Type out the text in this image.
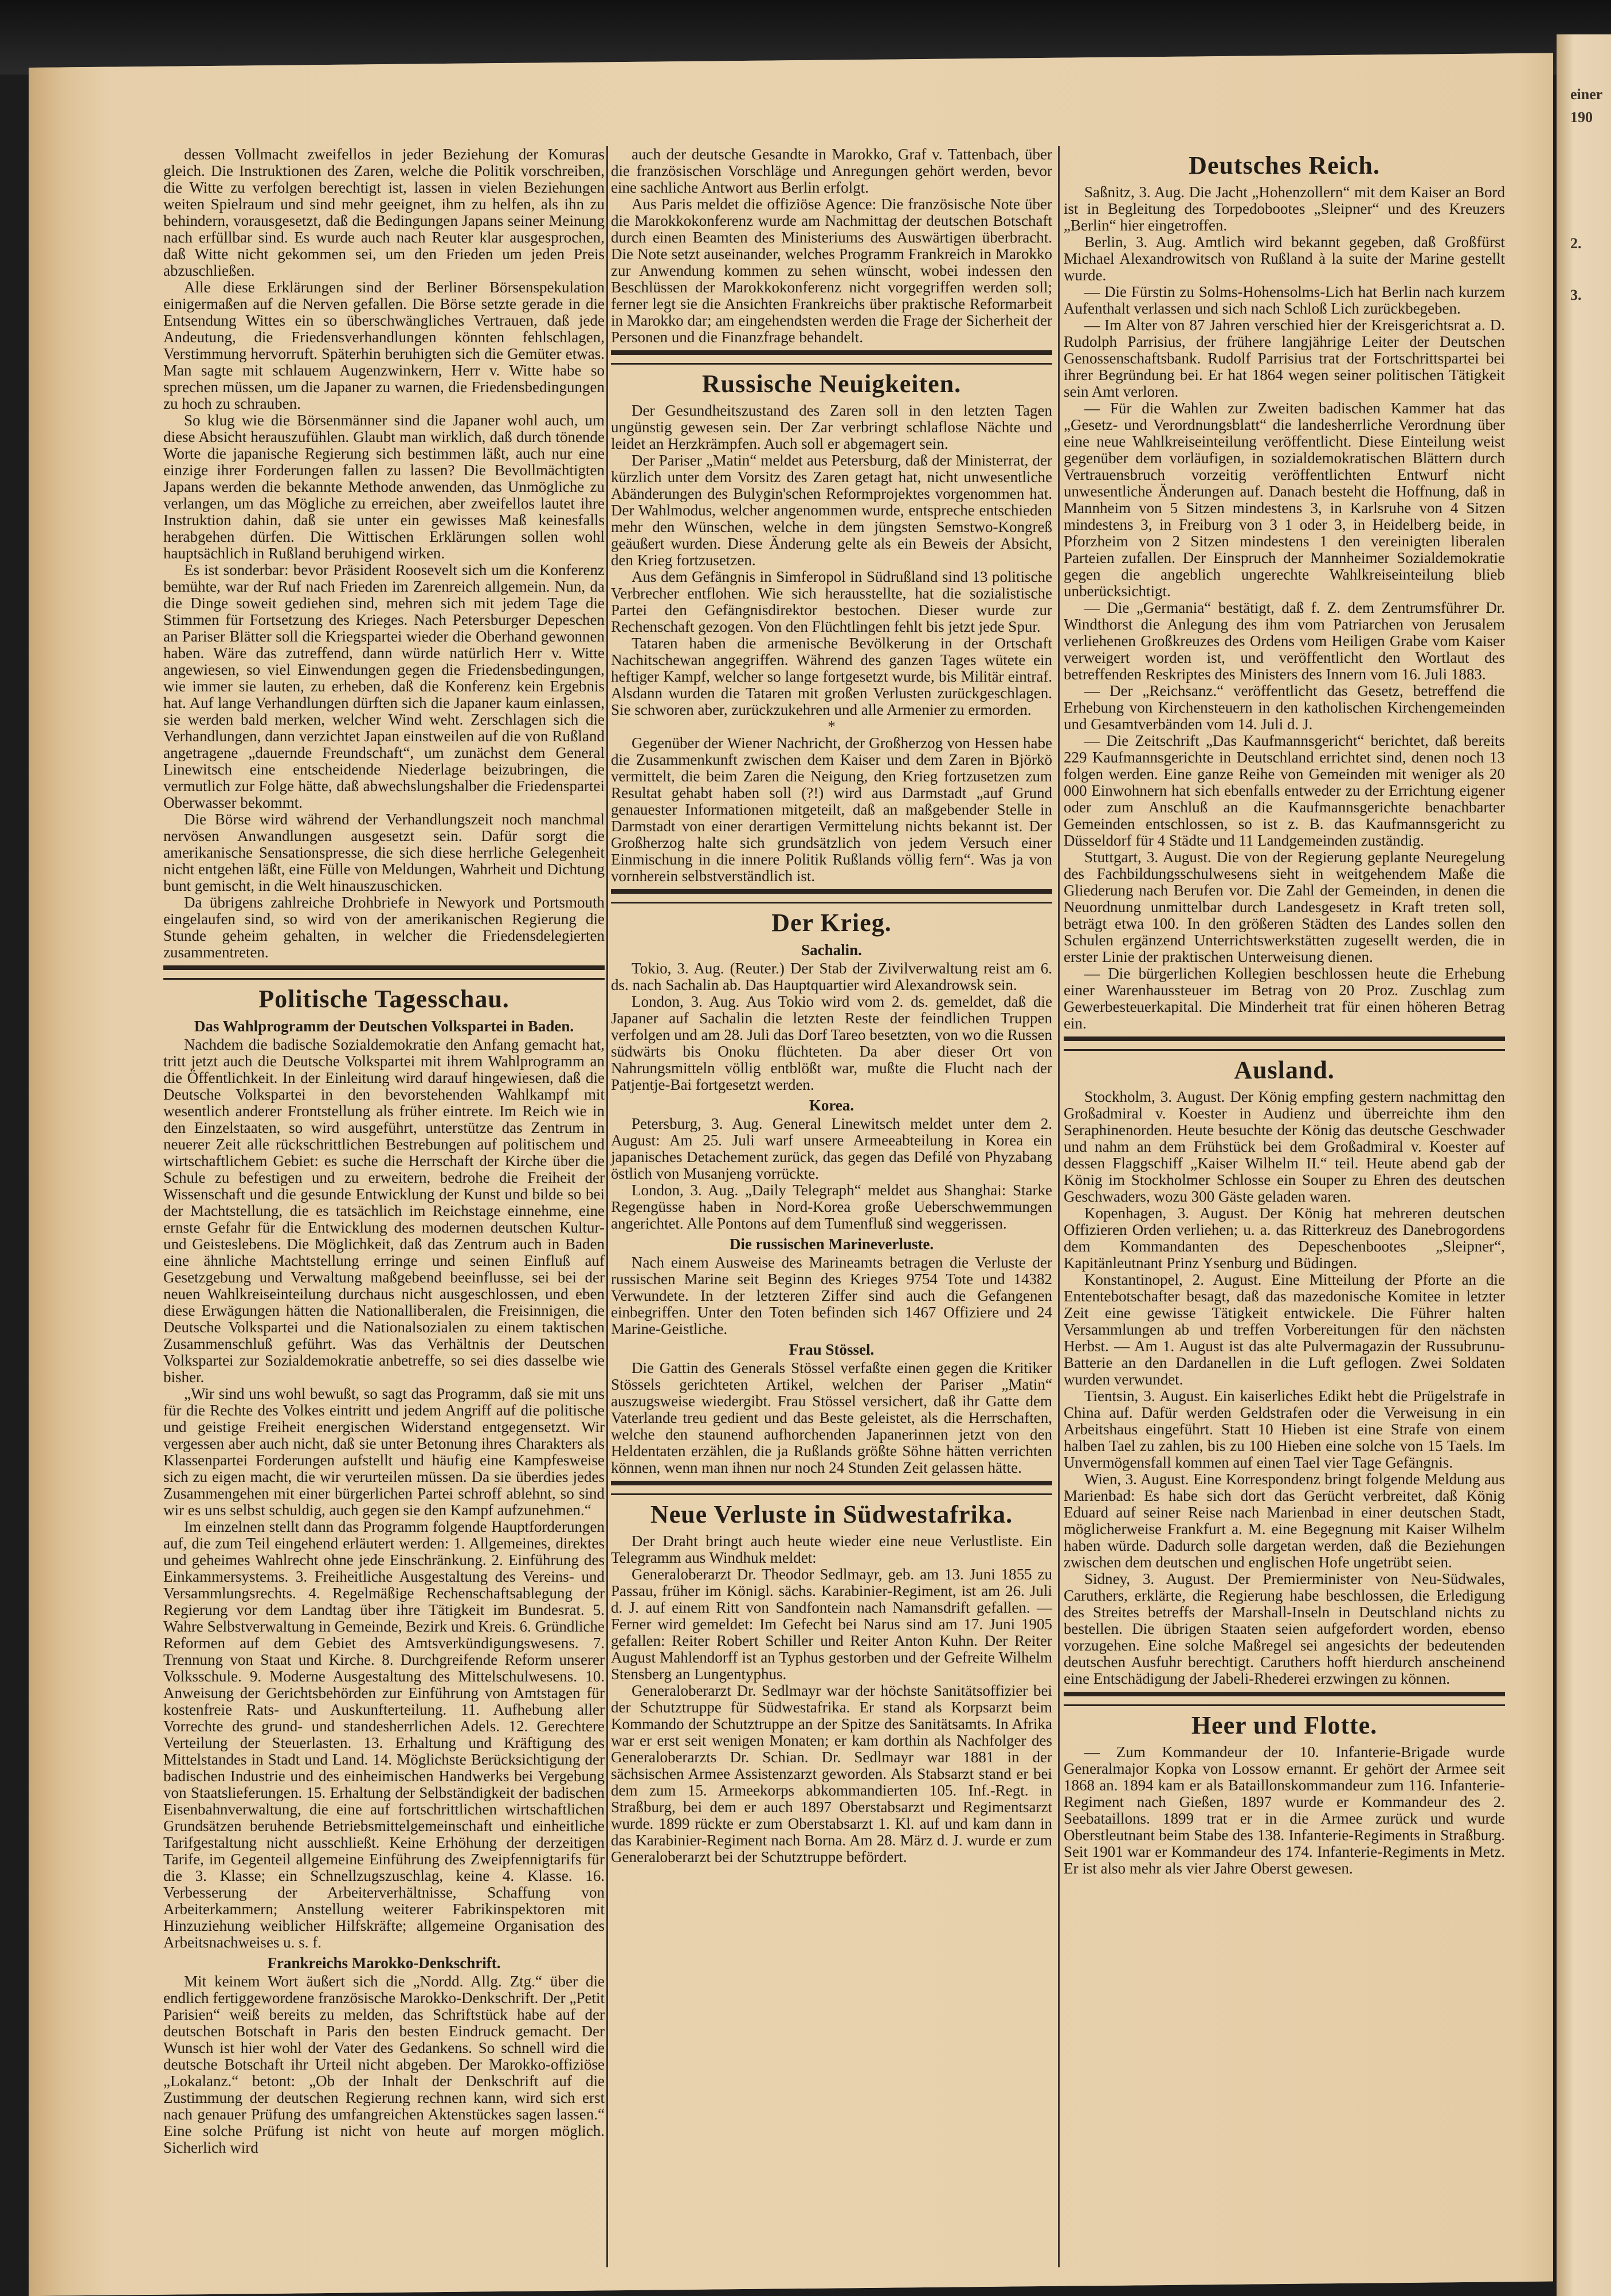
einer
190
2.
3.

dessen Vollmacht zweifellos in jeder Beziehung der Komuras gleich. Die Instruktionen des Zaren, welche die Politik vorschreiben, die Witte zu verfolgen berechtigt ist, lassen in vielen Beziehungen weiten Spielraum und sind mehr geeignet, ihm zu helfen, als ihn zu behindern, vorausgesetzt, daß die Bedingungen Japans seiner Meinung nach erfüllbar sind. Es wurde auch nach Reuter klar ausgesprochen, daß Witte nicht gekommen sei, um den Frieden um jeden Preis abzuschließen.

Alle diese Erklärungen sind der Berliner Börsenspekulation einigermaßen auf die Nerven gefallen. Die Börse setzte gerade in die Entsendung Wittes ein so überschwängliches Vertrauen, daß jede Andeutung, die Friedensverhandlungen könnten fehlschlagen, Verstimmung hervorruft. Späterhin beruhigten sich die Gemüter etwas. Man sagte mit schlauem Augenzwinkern, Herr v. Witte habe so sprechen müssen, um die Japaner zu warnen, die Friedensbedingungen zu hoch zu schrauben.

So klug wie die Börsenmänner sind die Japaner wohl auch, um diese Absicht herauszufühlen. Glaubt man wirklich, daß durch tönende Worte die japanische Regierung sich bestimmen läßt, auch nur eine einzige ihrer Forderungen fallen zu lassen? Die Bevollmächtigten Japans werden die bekannte Methode anwenden, das Unmögliche zu verlangen, um das Mögliche zu erreichen, aber zweifellos lautet ihre Instruktion dahin, daß sie unter ein gewisses Maß keinesfalls herabgehen dürfen. Die Wittischen Erklärungen sollen wohl hauptsächlich in Rußland beruhigend wirken.

Es ist sonderbar: bevor Präsident Roosevelt sich um die Konferenz bemühte, war der Ruf nach Frieden im Zarenreich allgemein. Nun, da die Dinge soweit gediehen sind, mehren sich mit jedem Tage die Stimmen für Fortsetzung des Krieges. Nach Petersburger Depeschen an Pariser Blätter soll die Kriegspartei wieder die Oberhand gewonnen haben. Wäre das zutreffend, dann würde natürlich Herr v. Witte angewiesen, so viel Einwendungen gegen die Friedensbedingungen, wie immer sie lauten, zu erheben, daß die Konferenz kein Ergebnis hat. Auf lange Verhandlungen dürften sich die Japaner kaum einlassen, sie werden bald merken, welcher Wind weht. Zerschlagen sich die Verhandlungen, dann verzichtet Japan einstweilen auf die von Rußland angetragene „dauernde Freundschaft“, um zunächst dem General Linewitsch eine entscheidende Niederlage beizubringen, die vermutlich zur Folge hätte, daß abwechslungshalber die Friedenspartei Oberwasser bekommt.

Die Börse wird während der Verhandlungszeit noch manchmal nervösen Anwandlungen ausgesetzt sein. Dafür sorgt die amerikanische Sensationspresse, die sich diese herrliche Gelegenheit nicht entgehen läßt, eine Fülle von Meldungen, Wahrheit und Dichtung bunt gemischt, in die Welt hinauszuschicken.

Da übrigens zahlreiche Drohbriefe in Newyork und Portsmouth eingelaufen sind, so wird von der amerikanischen Regierung die Stunde geheim gehalten, in welcher die Friedensdelegierten zusammentreten.

Politische Tagesschau.
Das Wahlprogramm der Deutschen Volkspartei in Baden.

Nachdem die badische Sozialdemokratie den Anfang gemacht hat, tritt jetzt auch die Deutsche Volkspartei mit ihrem Wahlprogramm an die Öffentlichkeit. In der Einleitung wird darauf hingewiesen, daß die Deutsche Volkspartei in den bevorstehenden Wahlkampf mit wesentlich anderer Frontstellung als früher eintrete. Im Reich wie in den Einzelstaaten, so wird ausgeführt, unterstütze das Zentrum in neuerer Zeit alle rückschrittlichen Bestrebungen auf politischem und wirtschaftlichem Gebiet: es suche die Herrschaft der Kirche über die Schule zu befestigen und zu erweitern, bedrohe die Freiheit der Wissenschaft und die gesunde Entwicklung der Kunst und bilde so bei der Machtstellung, die es tatsächlich im Reichstage einnehme, eine ernste Gefahr für die Entwicklung des modernen deutschen Kultur- und Geisteslebens. Die Möglichkeit, daß das Zentrum auch in Baden eine ähnliche Machtstellung erringe und seinen Einfluß auf Gesetzgebung und Verwaltung maßgebend beeinflusse, sei bei der neuen Wahlkreiseinteilung durchaus nicht ausgeschlossen, und eben diese Erwägungen hätten die Nationalliberalen, die Freisinnigen, die Deutsche Volkspartei und die Nationalsozialen zu einem taktischen Zusammenschluß geführt. Was das Verhältnis der Deutschen Volkspartei zur Sozialdemokratie anbetreffe, so sei dies dasselbe wie bisher.

„Wir sind uns wohl bewußt, so sagt das Programm, daß sie mit uns für die Rechte des Volkes eintritt und jedem Angriff auf die politische und geistige Freiheit energischen Widerstand entgegensetzt. Wir vergessen aber auch nicht, daß sie unter Betonung ihres Charakters als Klassenpartei Forderungen aufstellt und häufig eine Kampfesweise sich zu eigen macht, die wir verurteilen müssen. Da sie überdies jedes Zusammengehen mit einer bürgerlichen Partei schroff ablehnt, so sind wir es uns selbst schuldig, auch gegen sie den Kampf aufzunehmen.“

Im einzelnen stellt dann das Programm folgende Hauptforderungen auf, die zum Teil eingehend erläutert werden: 1. Allgemeines, direktes und geheimes Wahlrecht ohne jede Einschränkung. 2. Einführung des Einkammersystems. 3. Freiheitliche Ausgestaltung des Vereins- und Versammlungsrechts. 4. Regelmäßige Rechenschaftsablegung der Regierung vor dem Landtag über ihre Tätigkeit im Bundesrat. 5. Wahre Selbstverwaltung in Gemeinde, Bezirk und Kreis. 6. Gründliche Reformen auf dem Gebiet des Amtsverkündigungswesens. 7. Trennung von Staat und Kirche. 8. Durchgreifende Reform unserer Volksschule. 9. Moderne Ausgestaltung des Mittelschulwesens. 10. Anweisung der Gerichtsbehörden zur Einführung von Amtstagen für kostenfreie Rats- und Auskunfterteilung. 11. Aufhebung aller Vorrechte des grund- und standesherrlichen Adels. 12. Gerechtere Verteilung der Steuerlasten. 13. Erhaltung und Kräftigung des Mittelstandes in Stadt und Land. 14. Möglichste Berücksichtigung der badischen Industrie und des einheimischen Handwerks bei Vergebung von Staatslieferungen. 15. Erhaltung der Selbständigkeit der badischen Eisenbahnverwaltung, die eine auf fortschrittlichen wirtschaftlichen Grundsätzen beruhende Betriebsmittelgemeinschaft und einheitliche Tarifgestaltung nicht ausschließt. Keine Erhöhung der derzeitigen Tarife, im Gegenteil allgemeine Einführung des Zweipfennigtarifs für die 3. Klasse; ein Schnellzugszuschlag, keine 4. Klasse. 16. Verbesserung der Arbeiterverhältnisse, Schaffung von Arbeiterkammern; Anstellung weiterer Fabrikinspektoren mit Hinzuziehung weiblicher Hilfskräfte; allgemeine Organisation des Arbeitsnachweises u. s. f.

Frankreichs Marokko-Denkschrift.

Mit keinem Wort äußert sich die „Nordd. Allg. Ztg.“ über die endlich fertiggewordene französische Marokko-Denkschrift. Der „Petit Parisien“ weiß bereits zu melden, das Schriftstück habe auf der deutschen Botschaft in Paris den besten Eindruck gemacht. Der Wunsch ist hier wohl der Vater des Gedankens. So schnell wird die deutsche Botschaft ihr Urteil nicht abgeben. Der Marokko-offiziöse „Lokalanz.“ betont: „Ob der Inhalt der Denkschrift auf die Zustimmung der deutschen Regierung rechnen kann, wird sich erst nach genauer Prüfung des umfangreichen Aktenstückes sagen lassen.“ Eine solche Prüfung ist nicht von heute auf morgen möglich. Sicherlich wird

auch der deutsche Gesandte in Marokko, Graf v. Tattenbach, über die französischen Vorschläge und Anregungen gehört werden, bevor eine sachliche Antwort aus Berlin erfolgt.

Aus Paris meldet die offiziöse Agence: Die französische Note über die Marokkokonferenz wurde am Nachmittag der deutschen Botschaft durch einen Beamten des Ministeriums des Auswärtigen überbracht. Die Note setzt auseinander, welches Programm Frankreich in Marokko zur Anwendung kommen zu sehen wünscht, wobei indessen den Beschlüssen der Marokkokonferenz nicht vorgegriffen werden soll; ferner legt sie die Ansichten Frankreichs über praktische Reformarbeit in Marokko dar; am eingehendsten werden die Frage der Sicherheit der Personen und die Finanzfrage behandelt.

Russische Neuigkeiten.

Der Gesundheitszustand des Zaren soll in den letzten Tagen ungünstig gewesen sein. Der Zar verbringt schlaflose Nächte und leidet an Herzkrämpfen. Auch soll er abgemagert sein.

Der Pariser „Matin“ meldet aus Petersburg, daß der Ministerrat, der kürzlich unter dem Vorsitz des Zaren getagt hat, nicht unwesentliche Abänderungen des Bulygin'schen Reformprojektes vorgenommen hat. Der Wahlmodus, welcher angenommen wurde, entspreche entschieden mehr den Wünschen, welche in dem jüngsten Semstwo-Kongreß geäußert wurden. Diese Änderung gelte als ein Beweis der Absicht, den Krieg fortzusetzen.

Aus dem Gefängnis in Simferopol in Südrußland sind 13 politische Verbrecher entflohen. Wie sich herausstellte, hat die sozialistische Partei den Gefängnisdirektor bestochen. Dieser wurde zur Rechenschaft gezogen. Von den Flüchtlingen fehlt bis jetzt jede Spur.

Tataren haben die armenische Bevölkerung in der Ortschaft Nachitschewan angegriffen. Während des ganzen Tages wütete ein heftiger Kampf, welcher so lange fortgesetzt wurde, bis Militär eintraf. Alsdann wurden die Tataren mit großen Verlusten zurückgeschlagen. Sie schworen aber, zurückzukehren und alle Armenier zu ermorden.

*

Gegenüber der Wiener Nachricht, der Großherzog von Hessen habe die Zusammenkunft zwischen dem Kaiser und dem Zaren in Björkö vermittelt, die beim Zaren die Neigung, den Krieg fortzusetzen zum Resultat gehabt haben soll (?!) wird aus Darmstadt „auf Grund genauester Informationen mitgeteilt, daß an maßgebender Stelle in Darmstadt von einer derartigen Vermittelung nichts bekannt ist. Der Großherzog halte sich grundsätzlich von jedem Versuch einer Einmischung in die innere Politik Rußlands völlig fern“. Was ja von vornherein selbstverständlich ist.

Der Krieg.
Sachalin.

Tokio, 3. Aug. (Reuter.) Der Stab der Zivilverwaltung reist am 6. ds. nach Sachalin ab. Das Hauptquartier wird Alexandrowsk sein.

London, 3. Aug. Aus Tokio wird vom 2. ds. gemeldet, daß die Japaner auf Sachalin die letzten Reste der feindlichen Truppen verfolgen und am 28. Juli das Dorf Tareo besetzten, von wo die Russen südwärts bis Onoku flüchteten. Da aber dieser Ort von Nahrungsmitteln völlig entblößt war, mußte die Flucht nach der Patjentje-Bai fortgesetzt werden.

Korea.

Petersburg, 3. Aug. General Linewitsch meldet unter dem 2. August: Am 25. Juli warf unsere Armeeabteilung in Korea ein japanisches Detachement zurück, das gegen das Defilé von Phyzabang östlich von Musanjeng vorrückte.

London, 3. Aug. „Daily Telegraph“ meldet aus Shanghai: Starke Regengüsse haben in Nord-Korea große Ueberschwemmungen angerichtet. Alle Pontons auf dem Tumenfluß sind weggerissen.

Die russischen Marineverluste.

Nach einem Ausweise des Marineamts betragen die Verluste der russischen Marine seit Beginn des Krieges 9754 Tote und 14382 Verwundete. In der letzteren Ziffer sind auch die Gefangenen einbegriffen. Unter den Toten befinden sich 1467 Offiziere und 24 Marine-Geistliche.

Frau Stössel.

Die Gattin des Generals Stössel verfaßte einen gegen die Kritiker Stössels gerichteten Artikel, welchen der Pariser „Matin“ auszugsweise wiedergibt. Frau Stössel versichert, daß ihr Gatte dem Vaterlande treu gedient und das Beste geleistet, als die Herrschaften, welche den staunend aufhorchenden Japanerinnen jetzt von den Heldentaten erzählen, die ja Rußlands größte Söhne hätten verrichten können, wenn man ihnen nur noch 24 Stunden Zeit gelassen hätte.

Neue Verluste in Südwestafrika.

Der Draht bringt auch heute wieder eine neue Verlustliste. Ein Telegramm aus Windhuk meldet:

Generaloberarzt Dr. Theodor Sedlmayr, geb. am 13. Juni 1855 zu Passau, früher im Königl. sächs. Karabinier-Regiment, ist am 26. Juli d. J. auf einem Ritt von Sandfontein nach Namansdrift gefallen. — Ferner wird gemeldet: Im Gefecht bei Narus sind am 17. Juni 1905 gefallen: Reiter Robert Schiller und Reiter Anton Kuhn. Der Reiter August Mahlendorff ist an Typhus gestorben und der Gefreite Wilhelm Stensberg an Lungentyphus.

Generaloberarzt Dr. Sedlmayr war der höchste Sanitätsoffizier bei der Schutztruppe für Südwestafrika. Er stand als Korpsarzt beim Kommando der Schutztruppe an der Spitze des Sanitätsamts. In Afrika war er erst seit wenigen Monaten; er kam dorthin als Nachfolger des Generaloberarzts Dr. Schian. Dr. Sedlmayr war 1881 in der sächsischen Armee Assistenzarzt geworden. Als Stabsarzt stand er bei dem zum 15. Armeekorps abkommandierten 105. Inf.-Regt. in Straßburg, bei dem er auch 1897 Oberstabsarzt und Regimentsarzt wurde. 1899 rückte er zum Oberstabsarzt 1. Kl. auf und kam dann in das Karabinier-Regiment nach Borna. Am 28. März d. J. wurde er zum Generaloberarzt bei der Schutztruppe befördert.

Deutsches Reich.

Saßnitz, 3. Aug. Die Jacht „Hohenzollern“ mit dem Kaiser an Bord ist in Begleitung des Torpedobootes „Sleipner“ und des Kreuzers „Berlin“ hier eingetroffen.

Berlin, 3. Aug. Amtlich wird bekannt gegeben, daß Großfürst Michael Alexandrowitsch von Rußland à la suite der Marine gestellt wurde.

— Die Fürstin zu Solms-Hohensolms-Lich hat Berlin nach kurzem Aufenthalt verlassen und sich nach Schloß Lich zurückbegeben.

— Im Alter von 87 Jahren verschied hier der Kreisgerichtsrat a. D. Rudolph Parrisius, der frühere langjährige Leiter der Deutschen Genossenschaftsbank. Rudolf Parrisius trat der Fortschrittspartei bei ihrer Begründung bei. Er hat 1864 wegen seiner politischen Tätigkeit sein Amt verloren.

— Für die Wahlen zur Zweiten badischen Kammer hat das „Gesetz- und Verordnungsblatt“ die landesherrliche Verordnung über eine neue Wahlkreiseinteilung veröffentlicht. Diese Einteilung weist gegenüber dem vorläufigen, in sozialdemokratischen Blättern durch Vertrauensbruch vorzeitig veröffentlichten Entwurf nicht unwesentliche Änderungen auf. Danach besteht die Hoffnung, daß in Mannheim von 5 Sitzen mindestens 3, in Karlsruhe von 4 Sitzen mindestens 3, in Freiburg von 3 1 oder 3, in Heidelberg beide, in Pforzheim von 2 Sitzen mindestens 1 den vereinigten liberalen Parteien zufallen. Der Einspruch der Mannheimer Sozialdemokratie gegen die angeblich ungerechte Wahlkreiseinteilung blieb unberücksichtigt.

— Die „Germania“ bestätigt, daß f. Z. dem Zentrumsführer Dr. Windthorst die Anlegung des ihm vom Patriarchen von Jerusalem verliehenen Großkreuzes des Ordens vom Heiligen Grabe vom Kaiser verweigert worden ist, und veröffentlicht den Wortlaut des betreffenden Reskriptes des Ministers des Innern vom 16. Juli 1883.

— Der „Reichsanz.“ veröffentlicht das Gesetz, betreffend die Erhebung von Kirchensteuern in den katholischen Kirchengemeinden und Gesamtverbänden vom 14. Juli d. J.

— Die Zeitschrift „Das Kaufmannsgericht“ berichtet, daß bereits 229 Kaufmannsgerichte in Deutschland errichtet sind, denen noch 13 folgen werden. Eine ganze Reihe von Gemeinden mit weniger als 20 000 Einwohnern hat sich ebenfalls entweder zu der Errichtung eigener oder zum Anschluß an die Kaufmannsgerichte benachbarter Gemeinden entschlossen, so ist z. B. das Kaufmannsgericht zu Düsseldorf für 4 Städte und 11 Landgemeinden zuständig.

Stuttgart, 3. August. Die von der Regierung geplante Neuregelung des Fachbildungsschulwesens sieht in weitgehendem Maße die Gliederung nach Berufen vor. Die Zahl der Gemeinden, in denen die Neuordnung unmittelbar durch Landesgesetz in Kraft treten soll, beträgt etwa 100. In den größeren Städten des Landes sollen den Schulen ergänzend Unterrichtswerkstätten zugesellt werden, die in erster Linie der praktischen Unterweisung dienen.

— Die bürgerlichen Kollegien beschlossen heute die Erhebung einer Warenhaussteuer im Betrag von 20 Proz. Zuschlag zum Gewerbesteuerkapital. Die Minderheit trat für einen höheren Betrag ein.

Ausland.

Stockholm, 3. August. Der König empfing gestern nachmittag den Großadmiral v. Koester in Audienz und überreichte ihm den Seraphinenorden. Heute besuchte der König das deutsche Geschwader und nahm an dem Frühstück bei dem Großadmiral v. Koester auf dessen Flaggschiff „Kaiser Wilhelm II.“ teil. Heute abend gab der König im Stockholmer Schlosse ein Souper zu Ehren des deutschen Geschwaders, wozu 300 Gäste geladen waren.

Kopenhagen, 3. August. Der König hat mehreren deutschen Offizieren Orden verliehen; u. a. das Ritterkreuz des Danebrogordens dem Kommandanten des Depeschenbootes „Sleipner“, Kapitänleutnant Prinz Ysenburg und Büdingen.

Konstantinopel, 2. August. Eine Mitteilung der Pforte an die Ententebotschafter besagt, daß das mazedonische Komitee in letzter Zeit eine gewisse Tätigkeit entwickele. Die Führer halten Versammlungen ab und treffen Vorbereitungen für den nächsten Herbst. — Am 1. August ist das alte Pulvermagazin der Russubrunu-Batterie an den Dardanellen in die Luft geflogen. Zwei Soldaten wurden verwundet.

Tientsin, 3. August. Ein kaiserliches Edikt hebt die Prügelstrafe in China auf. Dafür werden Geldstrafen oder die Verweisung in ein Arbeitshaus eingeführt. Statt 10 Hieben ist eine Strafe von einem halben Tael zu zahlen, bis zu 100 Hieben eine solche von 15 Taels. Im Unvermögensfall kommen auf einen Tael vier Tage Gefängnis.

Wien, 3. August. Eine Korrespondenz bringt folgende Meldung aus Marienbad: Es habe sich dort das Gerücht verbreitet, daß König Eduard auf seiner Reise nach Marienbad in einer deutschen Stadt, möglicherweise Frankfurt a. M. eine Begegnung mit Kaiser Wilhelm haben würde. Dadurch solle dargetan werden, daß die Beziehungen zwischen dem deutschen und englischen Hofe ungetrübt seien.

Sidney, 3. August. Der Premierminister von Neu-Südwales, Caruthers, erklärte, die Regierung habe beschlossen, die Erledigung des Streites betreffs der Marshall-Inseln in Deutschland nichts zu bestellen. Die übrigen Staaten seien aufgefordert worden, ebenso vorzugehen. Eine solche Maßregel sei angesichts der bedeutenden deutschen Ausfuhr berechtigt. Caruthers hofft hierdurch anscheinend eine Entschädigung der Jabeli-Rhederei erzwingen zu können.

Heer und Flotte.

— Zum Kommandeur der 10. Infanterie-Brigade wurde Generalmajor Kopka von Lossow ernannt. Er gehört der Armee seit 1868 an. 1894 kam er als Bataillonskommandeur zum 116. Infanterie-Regiment nach Gießen, 1897 wurde er Kommandeur des 2. Seebataillons. 1899 trat er in die Armee zurück und wurde Oberstleutnant beim Stabe des 138. Infanterie-Regiments in Straßburg. Seit 1901 war er Kommandeur des 174. Infanterie-Regiments in Metz. Er ist also mehr als vier Jahre Oberst gewesen.
